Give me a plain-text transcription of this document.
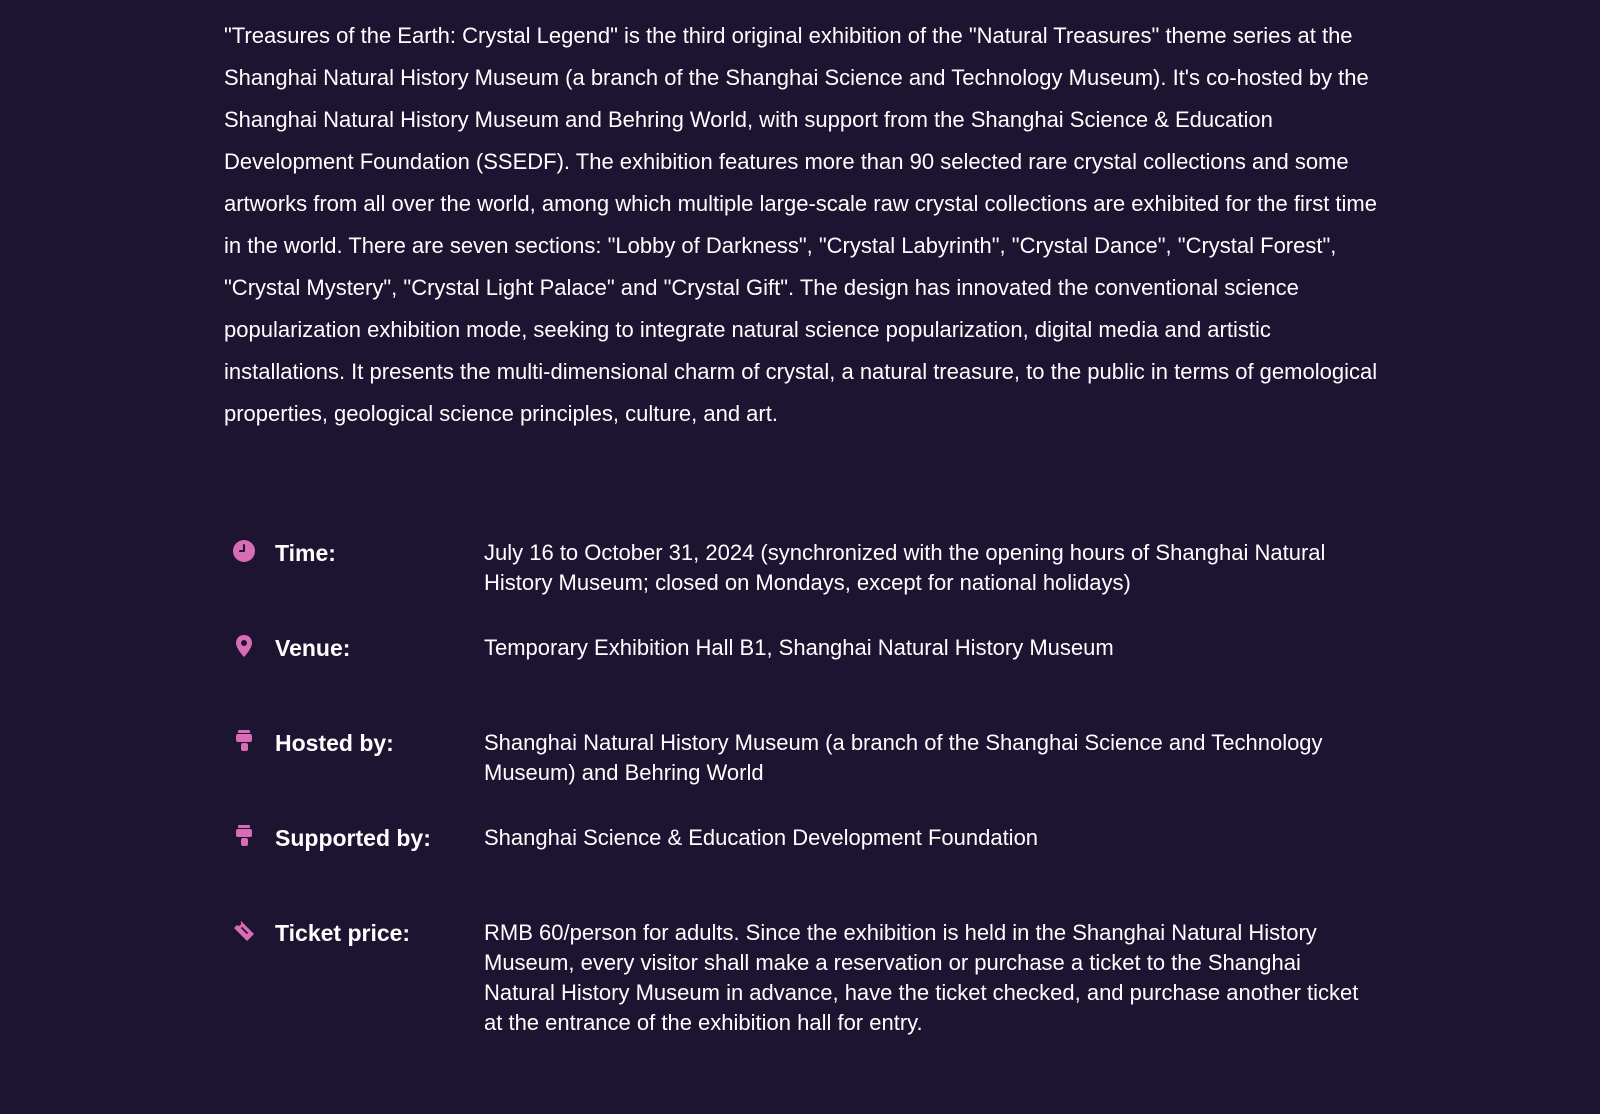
"Treasures of the Earth: Crystal Legend" is the third original exhibition of the "Natural Treasures" theme series at the Shanghai Natural History Museum (a branch of the Shanghai Science and Technology Museum). It's co-hosted by the Shanghai Natural History Museum and Behring World, with support from the Shanghai Science & Education Development Foundation (SSEDF). The exhibition features more than 90 selected rare crystal collections and some artworks from all over the world, among which multiple large-scale raw crystal collections are exhibited for the first time in the world. There are seven sections: "Lobby of Darkness", "Crystal Labyrinth", "Crystal Dance", "Crystal Forest", "Crystal Mystery", "Crystal Light Palace" and "Crystal Gift". The design has innovated the conventional science popularization exhibition mode, seeking to integrate natural science popularization, digital media and artistic installations. It presents the multi-dimensional charm of crystal, a natural treasure, to the public in terms of gemological properties, geological science principles, culture, and art.

Time:	July 16 to October 31, 2024 (synchronized with the opening hours of Shanghai Natural History Museum; closed on Mondays, except for national holidays)
Venue:	Temporary Exhibition Hall B1, Shanghai Natural History Museum
Hosted by:	Shanghai Natural History Museum (a branch of the Shanghai Science and Technology Museum) and Behring World
Supported by:	Shanghai Science & Education Development Foundation
Ticket price:	RMB 60/person for adults. Since the exhibition is held in the Shanghai Natural History Museum, every visitor shall make a reservation or purchase a ticket to the Shanghai Natural History Museum in advance, have the ticket checked, and purchase another ticket at the entrance of the exhibition hall for entry.
